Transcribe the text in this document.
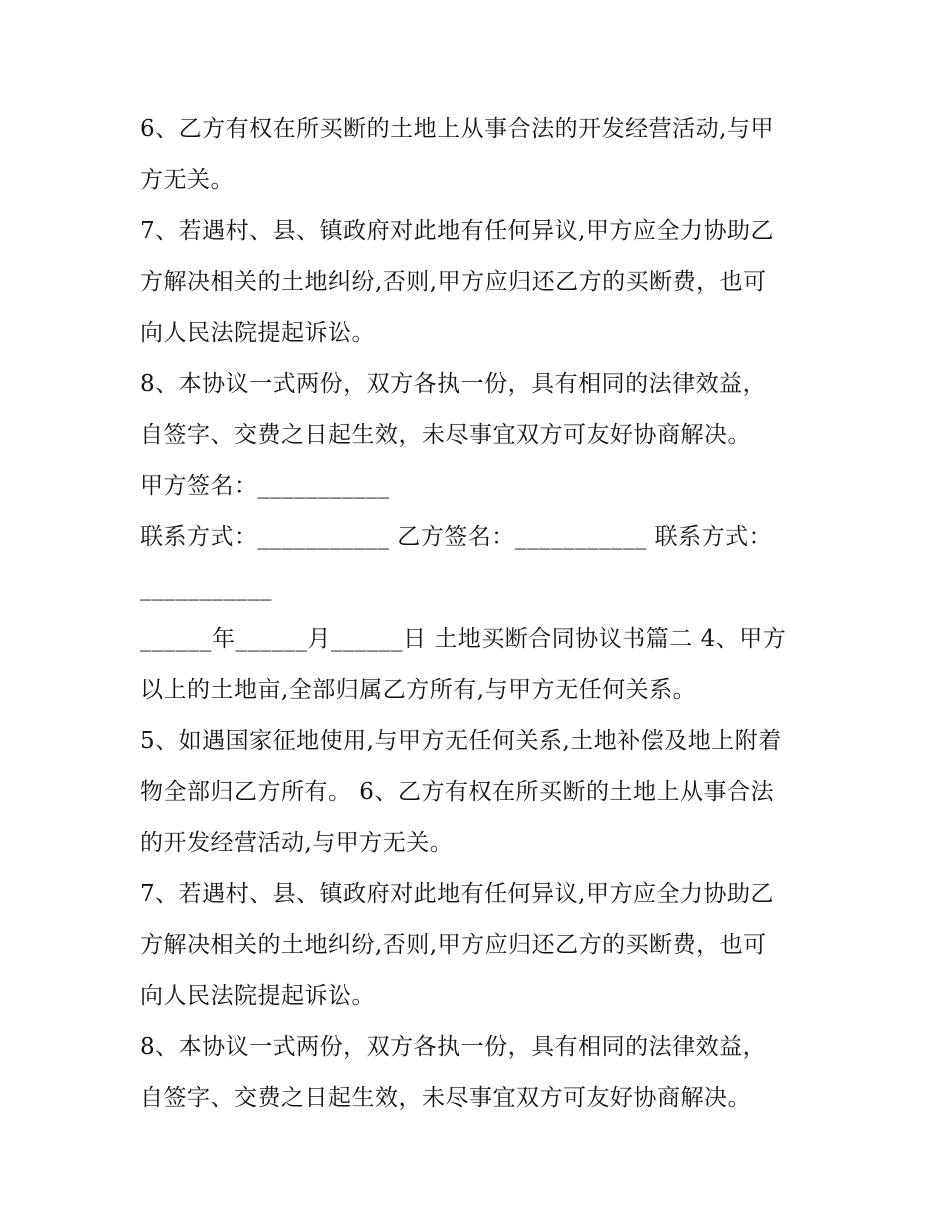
6、乙方有权在所买断的土地上从事合法的开发经营活动,与甲
方无关。
7、若遇村、县、镇政府对此地有任何异议,甲方应全力协助乙
方解决相关的土地纠纷,否则,甲方应归还乙方的买断费，也可
向人民法院提起诉讼。
8、本协议一式两份，双方各执一份，具有相同的法律效益，
自签字、交费之日起生效，未尽事宜双方可友好协商解决。
甲方签名：___________
联系方式：___________ 乙方签名：___________ 联系方式：
___________
______年______月______日 土地买断合同协议书篇二 4、甲方
以上的土地亩,全部归属乙方所有,与甲方无任何关系。
5、如遇国家征地使用,与甲方无任何关系,土地补偿及地上附着
物全部归乙方所有。 6、乙方有权在所买断的土地上从事合法
的开发经营活动,与甲方无关。
7、若遇村、县、镇政府对此地有任何异议,甲方应全力协助乙
方解决相关的土地纠纷,否则,甲方应归还乙方的买断费，也可
向人民法院提起诉讼。
8、本协议一式两份，双方各执一份，具有相同的法律效益，
自签字、交费之日起生效，未尽事宜双方可友好协商解决。
